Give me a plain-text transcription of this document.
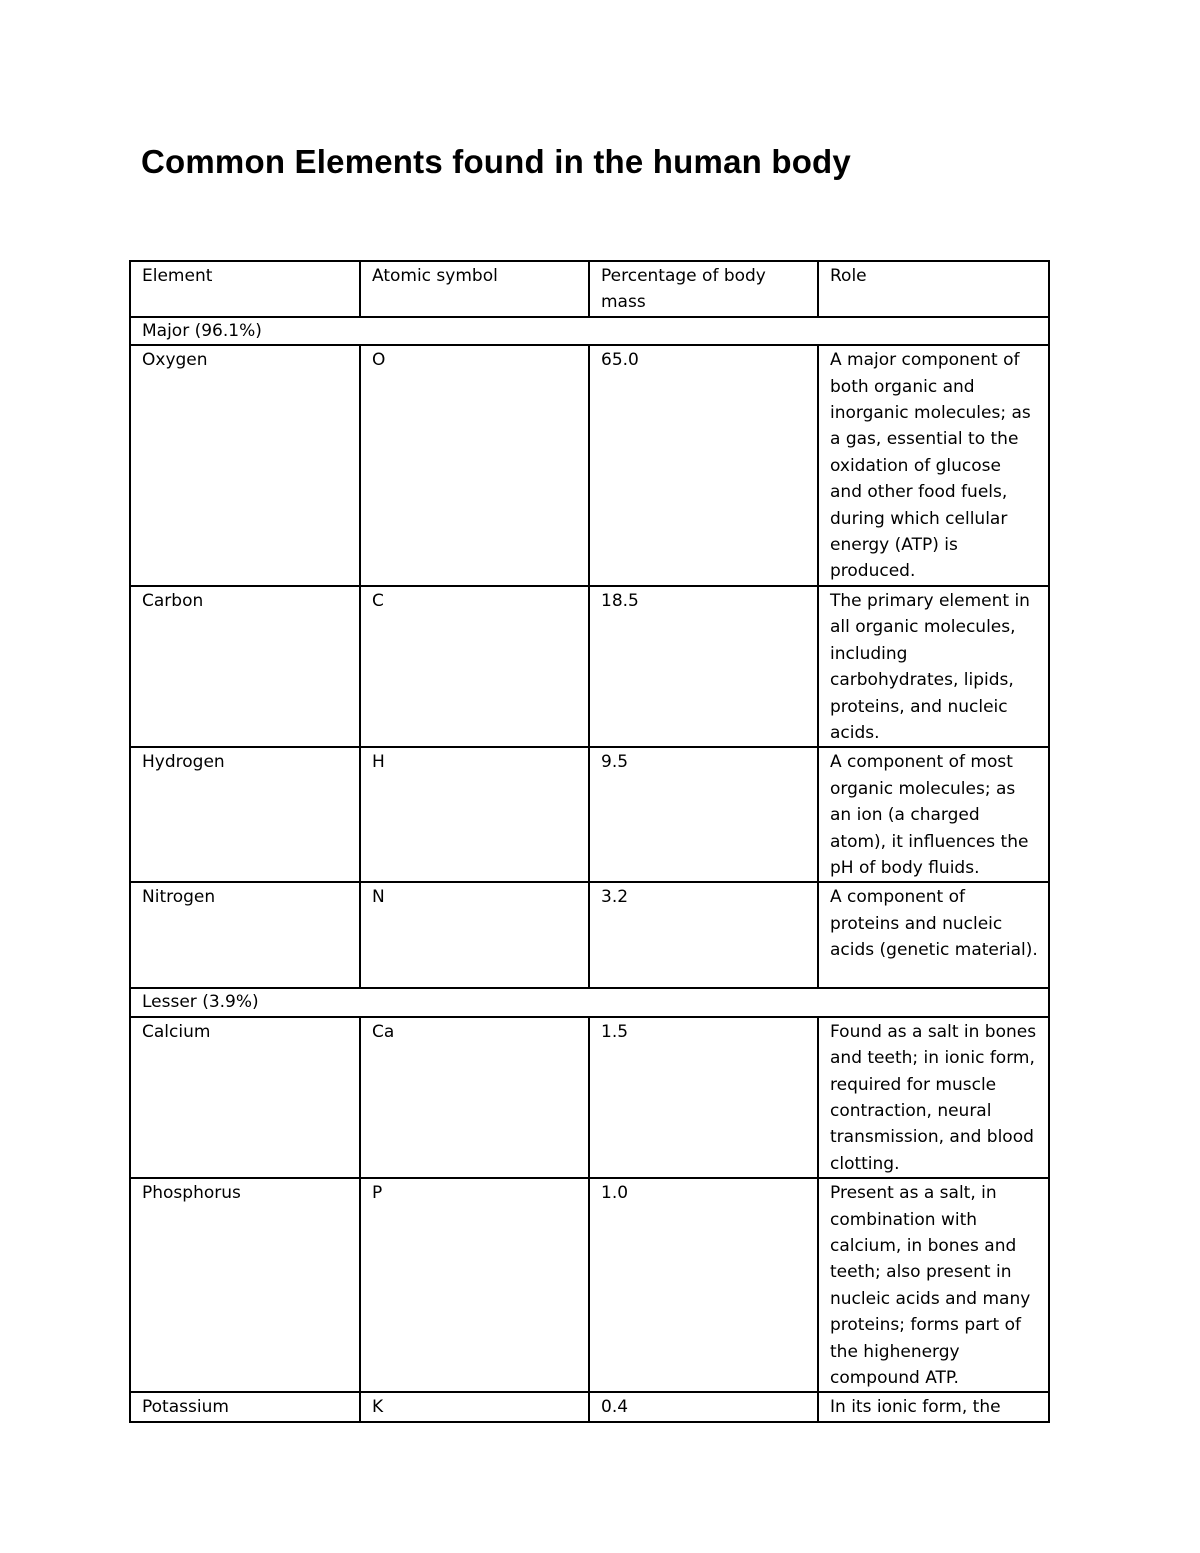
Common Elements found in the human body
Element	Atomic symbol	Percentage of body mass	Role
Major (96.1%)			
Oxygen	O	65.0	A major component of both organic and inorganic molecules; as a gas, essential to the oxidation of glucose and other food fuels, during which cellular energy (ATP) is produced.
Carbon	C	18.5	The primary element in all organic molecules, including carbohydrates, lipids, proteins, and nucleic acids.
Hydrogen	H	9.5	A component of most organic molecules; as an ion (a charged atom), it influences the pH of body fluids.
Nitrogen	N	3.2	A component of proteins and nucleic acids (genetic material).
Lesser (3.9%)			
Calcium	Ca	1.5	Found as a salt in bones and teeth; in ionic form, required for muscle contraction, neural transmission, and blood clotting.
Phosphorus	P	1.0	Present as a salt, in combination with calcium, in bones and teeth; also present in nucleic acids and many proteins; forms part of the highenergy compound ATP.
Potassium	K	0.4	In its ionic form, the
